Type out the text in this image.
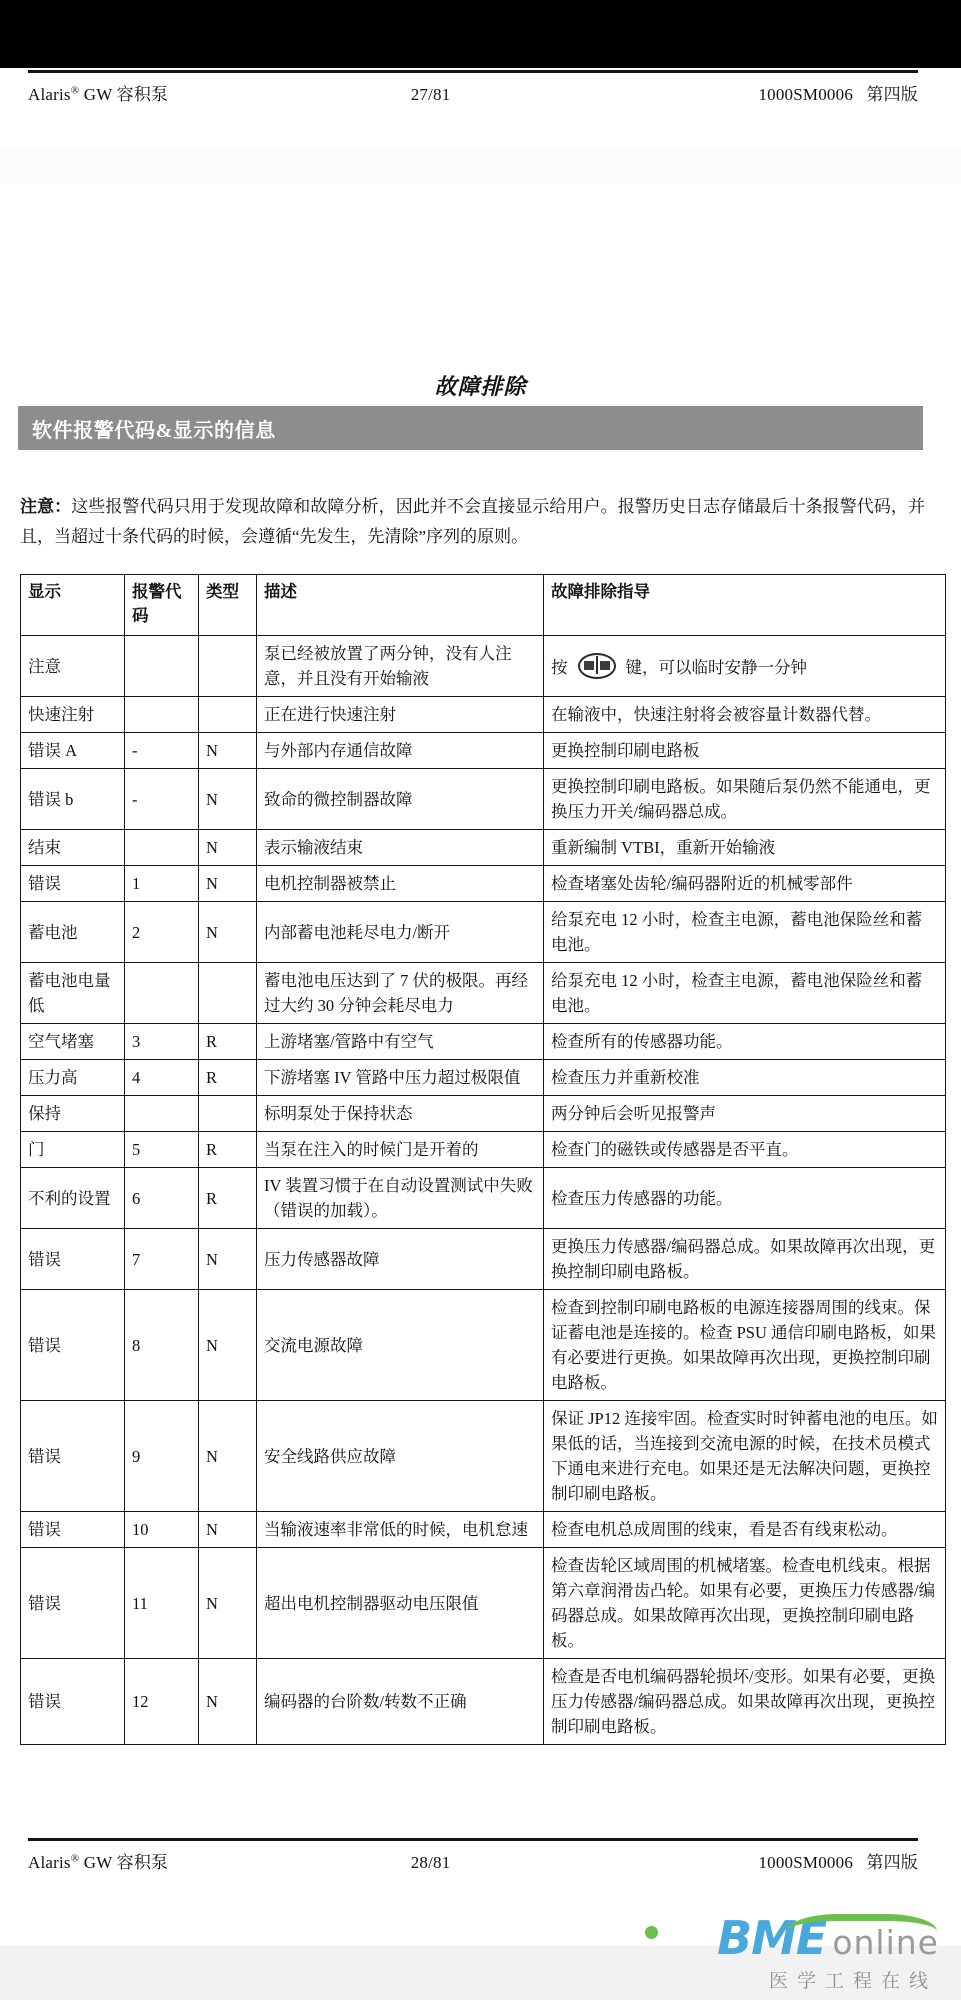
Alaris® GW 容积泵	27/81	1000SM0006 第四版
故障排除
软件报警代码&显示的信息
注意：这些报警代码只用于发现故障和故障分析，因此并不会直接显示给用户。报警历史日志存储最后十条报警代码，并且，当超过十条代码的时候，会遵循“先发生，先清除”序列的原则。
显示	报警代码	类型	描述	故障排除指导
注意			泵已经被放置了两分钟，没有人注意，并且没有开始输液	按 键，可以临时安静一分钟
快速注射			正在进行快速注射	在输液中，快速注射将会被容量计数器代替。
错误 A	-	N	与外部内存通信故障	更换控制印刷电路板
错误 b	-	N	致命的微控制器故障	更换控制印刷电路板。如果随后泵仍然不能通电，更换压力开关/编码器总成。
结束		N	表示输液结束	重新编制 VTBI，重新开始输液
错误	1	N	电机控制器被禁止	检查堵塞处齿轮/编码器附近的机械零部件
蓄电池	2	N	内部蓄电池耗尽电力/断开	给泵充电 12 小时，检查主电源，蓄电池保险丝和蓄电池。
蓄电池电量低			蓄电池电压达到了 7 伏的极限。再经过大约 30 分钟会耗尽电力	给泵充电 12 小时，检查主电源，蓄电池保险丝和蓄电池。
空气堵塞	3	R	上游堵塞/管路中有空气	检查所有的传感器功能。
压力高	4	R	下游堵塞 IV 管路中压力超过极限值	检查压力并重新校准
保持			标明泵处于保持状态	两分钟后会听见报警声
门	5	R	当泵在注入的时候门是开着的	检查门的磁铁或传感器是否平直。
不利的设置	6	R	IV 装置习惯于在自动设置测试中失败（错误的加载）。	检查压力传感器的功能。
错误	7	N	压力传感器故障	更换压力传感器/编码器总成。如果故障再次出现，更换控制印刷电路板。
错误	8	N	交流电源故障	检查到控制印刷电路板的电源连接器周围的线束。保证蓄电池是连接的。检查 PSU 通信印刷电路板，如果有必要进行更换。如果故障再次出现，更换控制印刷电路板。
错误	9	N	安全线路供应故障	保证 JP12 连接牢固。检查实时时钟蓄电池的电压。如果低的话，当连接到交流电源的时候，在技术员模式下通电来进行充电。如果还是无法解决问题，更换控制印刷电路板。
错误	10	N	当输液速率非常低的时候，电机怠速	检查电机总成周围的线束，看是否有线束松动。
错误	11	N	超出电机控制器驱动电压限值	检查齿轮区域周围的机械堵塞。检查电机线束。根据第六章润滑齿凸轮。如果有必要，更换压力传感器/编码器总成。如果故障再次出现，更换控制印刷电路板。
错误	12	N	编码器的台阶数/转数不正确	检查是否电机编码器轮损坏/变形。如果有必要，更换压力传感器/编码器总成。如果故障再次出现，更换控制印刷电路板。
Alaris® GW 容积泵	28/81	1000SM0006 第四版
BME online
医学工程在线
